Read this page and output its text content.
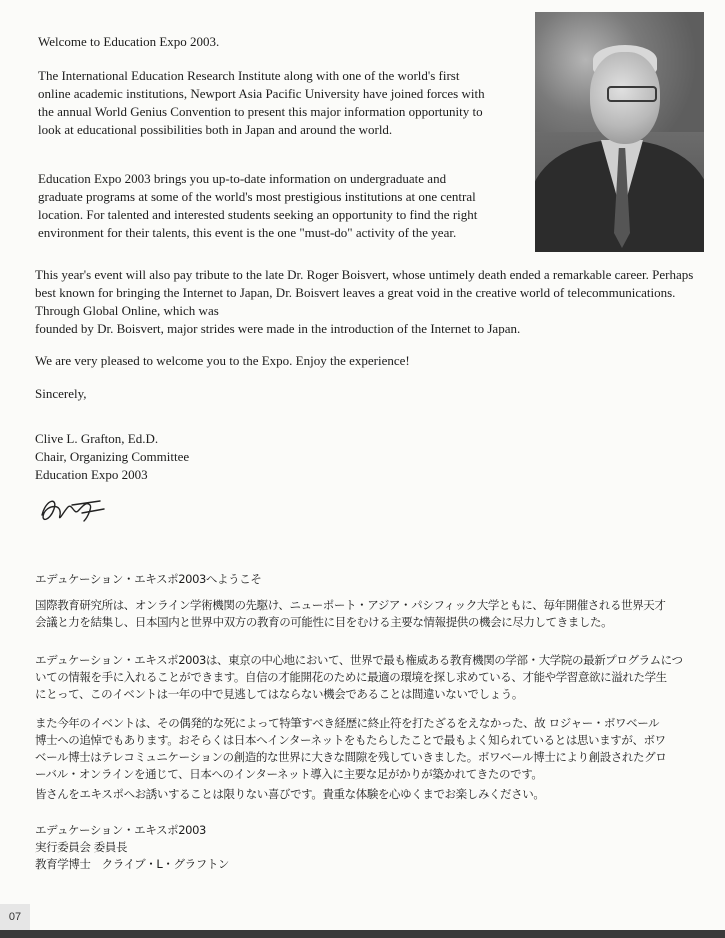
Welcome to Education Expo 2003.

The International Education Research Institute along with one of the world's first
online academic institutions, Newport Asia Pacific University have joined forces with
the annual World Genius Convention to present this major information opportunity to
look at educational possibilities both in Japan and around the world.

Education Expo 2003 brings you up-to-date information on undergraduate and
graduate programs at some of the world's most prestigious institutions at one central
location. For talented and interested students seeking an opportunity to find the right
environment for their talents, this event is the one "must-do" activity of the year.

This year's event will also pay tribute to the late Dr. Roger Boisvert, whose untimely death ended a remarkable career. Perhaps
best known for bringing the Internet to Japan, Dr. Boisvert leaves a great void in the creative world of telecommunications.
Through Global Online, which was
founded by Dr. Boisvert, major strides were made in the introduction of the Internet to Japan.

We are very pleased to welcome you to the Expo. Enjoy the experience!

Sincerely,

Clive L. Grafton, Ed.D.
Chair, Organizing Committee
Education Expo 2003

エデュケーション・エキスポ2003へようこそ

国際教育研究所は、オンライン学術機関の先駆け、ニューポート・アジア・パシフィック大学ともに、毎年開催される世界天才
会議と力を結集し、日本国内と世界中双方の教育の可能性に目をむける主要な情報提供の機会に尽力してきました。

エデュケーション・エキスポ2003は、東京の中心地において、世界で最も権威ある教育機関の学部・大学院の最新プログラムにつ
いての情報を手に入れることができます。自信の才能開花のために最適の環境を探し求めている、才能や学習意欲に溢れた学生
にとって、このイベントは一年の中で見逃してはならない機会であることは間違いないでしょう。

また今年のイベントは、その偶発的な死によって特筆すべき経歴に終止符を打たざるをえなかった、故 ロジャー・ボワベール
博士への追悼でもあります。おそらくは日本へインターネットをもたらしたことで最もよく知られているとは思いますが、ボワ
ベール博士はテレコミュニケーションの創造的な世界に大きな間隙を残していきました。ボワベール博士により創設されたグロ
ーバル・オンラインを通じて、日本へのインターネット導入に主要な足がかりが築かれてきたのです。

皆さんをエキスポへお誘いすることは限りない喜びです。貴重な体験を心ゆくまでお楽しみください。

エデュケーション・エキスポ2003
実行委員会 委員長
教育学博士　クライブ・L・グラフトン

07
